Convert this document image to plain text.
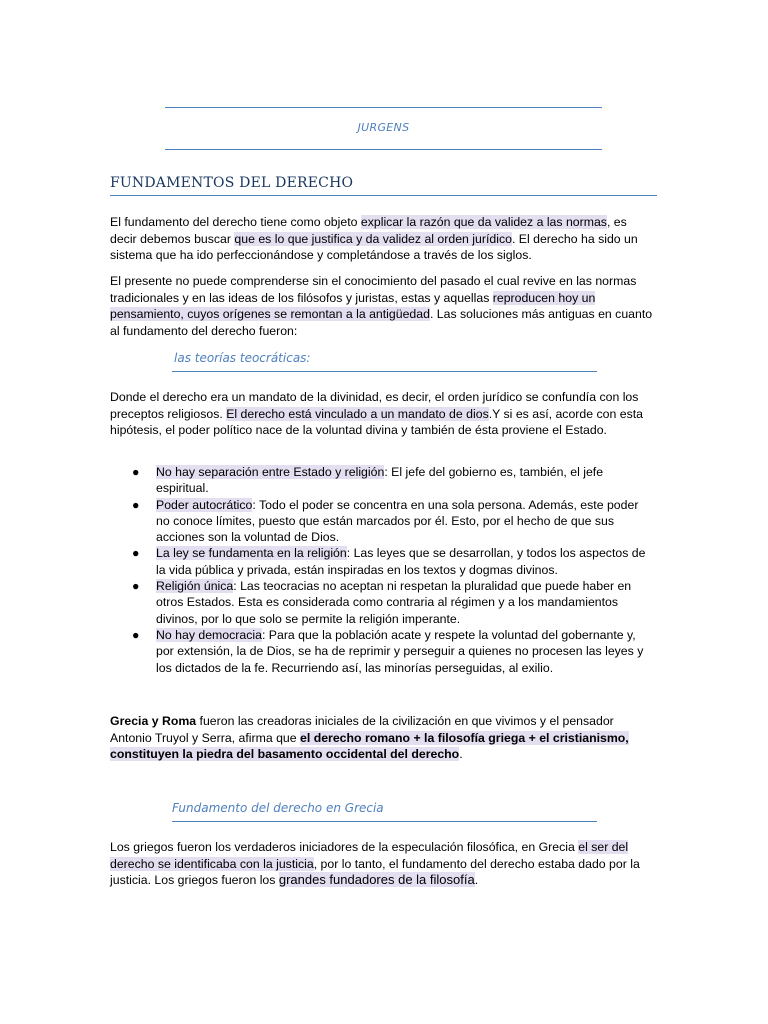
JURGENS
FUNDAMENTOS DEL DERECHO
El fundamento del derecho tiene como objeto explicar la razón que da validez a las normas, es decir debemos buscar que es lo que justifica y da validez al orden jurídico. El derecho ha sido un sistema que ha ido perfeccionándose y completándose a través de los siglos.
El presente no puede comprenderse sin el conocimiento del pasado el cual revive en las normas tradicionales y en las ideas de los filósofos y juristas, estas y aquellas reproducen hoy un pensamiento, cuyos orígenes se remontan a la antigüedad. Las soluciones más antiguas en cuanto al fundamento del derecho fueron:
las teorías teocráticas:
Donde el derecho era un mandato de la divinidad, es decir, el orden jurídico se confundía con los preceptos religiosos. El derecho está vinculado a un mandato de dios.Y si es así, acorde con esta hipótesis, el poder político nace de la voluntad divina y también de ésta proviene el Estado.
● No hay separación entre Estado y religión: El jefe del gobierno es, también, el jefe espiritual.
● Poder autocrático: Todo el poder se concentra en una sola persona. Además, este poder no conoce límites, puesto que están marcados por él. Esto, por el hecho de que sus acciones son la voluntad de Dios.
● La ley se fundamenta en la religión: Las leyes que se desarrollan, y todos los aspectos de la vida pública y privada, están inspiradas en los textos y dogmas divinos.
● Religión única: Las teocracias no aceptan ni respetan la pluralidad que puede haber en otros Estados. Esta es considerada como contraria al régimen y a los mandamientos divinos, por lo que solo se permite la religión imperante.
● No hay democracia: Para que la población acate y respete la voluntad del gobernante y, por extensión, la de Dios, se ha de reprimir y perseguir a quienes no procesen las leyes y los dictados de la fe. Recurriendo así, las minorías perseguidas, al exilio.
Grecia y Roma fueron las creadoras iniciales de la civilización en que vivimos y el pensador Antonio Truyol y Serra, afirma que el derecho romano + la filosofía griega + el cristianismo, constituyen la piedra del basamento occidental del derecho.
Fundamento del derecho en Grecia
Los griegos fueron los verdaderos iniciadores de la especulación filosófica, en Grecia el ser del derecho se identificaba con la justicia, por lo tanto, el fundamento del derecho estaba dado por la justicia. Los griegos fueron los grandes fundadores de la filosofía.
